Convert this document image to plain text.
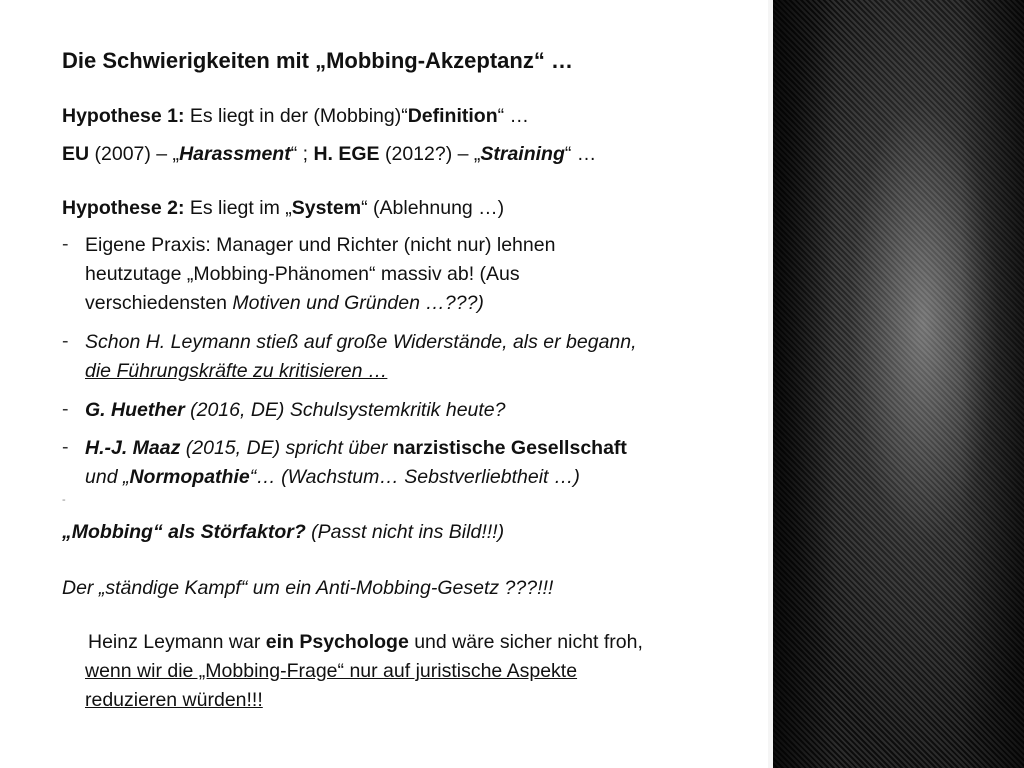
Die Schwierigkeiten mit „Mobbing-Akzeptanz“ …
Hypothese 1: Es liegt in der (Mobbing)“Definition“ …
EU (2007) – „Harassment“ ; H. EGE (2012?) – „Straining“ …
Hypothese 2: Es liegt im „System“ (Ablehnung …)
- Eigene Praxis: Manager und Richter (nicht nur) lehnen
heutzutage „Mobbing-Phänomen“ massiv ab! (Aus
verschiedensten Motiven und Gründen …???)
- Schon H. Leymann stieß auf große Widerstände, als er begann,
die Führungskräfte zu kritisieren …
- G. Huether (2016, DE) Schulsystemkritik heute?
- H.-J. Maaz (2015, DE) spricht über narzistische Gesellschaft
und „Normopathie“… (Wachstum… Sebstverliebtheit …)
-
„Mobbing“ als Störfaktor? (Passt nicht ins Bild!!!)
Der „ständige Kampf“ um ein Anti-Mobbing-Gesetz ???!!!
Heinz Leymann war ein Psychologe und wäre sicher nicht froh,
wenn wir die „Mobbing-Frage“ nur auf juristische Aspekte
reduzieren würden!!!
